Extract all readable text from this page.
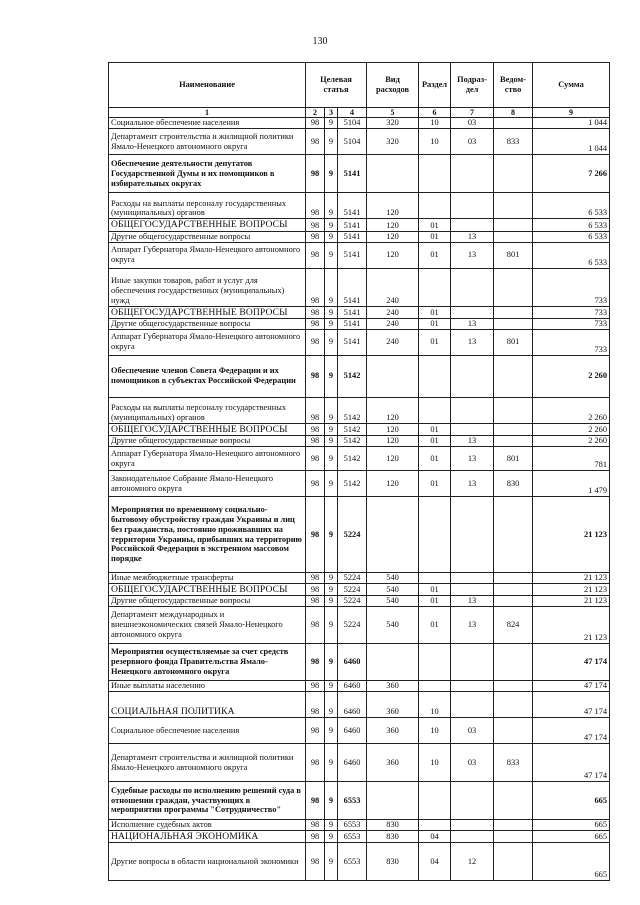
130
Наименование	Целевая статья			Вид расходов	Раздел	Подраз-дел	Ведом-ство	Сумма
1	2	3	4	5	6	7	8	9
Социальное обеспечение населения	98	9	5104	320	10	03		1 044
Департамент строительства и жилищной политики Ямало-Ненецкого автономного округа	98	9	5104	320	10	03	833	1 044
Обеспечение деятельности депутатов Государственной Думы и их помощников в избирательных округах	98	9	5141					7 266
Расходы на выплаты персоналу государственных (муниципальных) органов	98	9	5141	120				6 533
ОБЩЕГОСУДАРСТВЕННЫЕ ВОПРОСЫ	98	9	5141	120	01			6 533
Другие общегосударственные вопросы	98	9	5141	120	01	13		6 533
Аппарат Губернатора Ямало-Ненецкого автономного округа	98	9	5141	120	01	13	801	6 533
Иные закупки товаров, работ и услуг для обеспечения государственных (муниципальных) нужд	98	9	5141	240				733
ОБЩЕГОСУДАРСТВЕННЫЕ ВОПРОСЫ	98	9	5141	240	01			733
Другие общегосударственные вопросы	98	9	5141	240	01	13		733
Аппарат Губернатора Ямало-Ненецкого автономного округа	98	9	5141	240	01	13	801	733
Обеспечение членов Совета Федерации и их помощников в субъектах Российской Федерации	98	9	5142					2 260
Расходы на выплаты персоналу государственных (муниципальных) органов	98	9	5142	120				2 260
ОБЩЕГОСУДАРСТВЕННЫЕ ВОПРОСЫ	98	9	5142	120	01			2 260
Другие общегосударственные вопросы	98	9	5142	120	01	13		2 260
Аппарат Губернатора Ямало-Ненецкого автономного округа	98	9	5142	120	01	13	801	781
Законодательное Собрание Ямало-Ненецкого автономного округа	98	9	5142	120	01	13	830	1 479
Мероприятия по временному социально-бытовому обустройству граждан Украины и лиц без гражданства, постоянно проживавших на территории Украины, прибывших на территорию Российской Федерации в экстренном массовом порядке	98	9	5224					21 123
Иные межбюджетные трансферты	98	9	5224	540				21 123
ОБЩЕГОСУДАРСТВЕННЫЕ ВОПРОСЫ	98	9	5224	540	01			21 123
Другие общегосударственные вопросы	98	9	5224	540	01	13		21 123
Департамент международных и внешнеэкономических связей Ямало-Ненецкого автономного округа	98	9	5224	540	01	13	824	21 123
Мероприятия осуществляемые за счет средств резервного фонда Правительства Ямало-Ненецкого автономного округа	98	9	6460					47 174
Иные выплаты населению	98	9	6460	360				47 174
СОЦИАЛЬНАЯ ПОЛИТИКА	98	9	6460	360	10			47 174
Социальное обеспечение населения	98	9	6460	360	10	03		47 174
Департамент строительства и жилищной политики Ямало-Ненецкого автономного округа	98	9	6460	360	10	03	833	47 174
Судебные расходы по исполнению решений суда в отношении граждан, участвующих в мероприятии программы "Сотрудничество"	98	9	6553					665
Исполнение судебных актов	98	9	6553	830				665
НАЦИОНАЛЬНАЯ ЭКОНОМИКА	98	9	6553	830	04			665
Другие вопросы в области национальной экономики	98	9	6553	830	04	12		665
